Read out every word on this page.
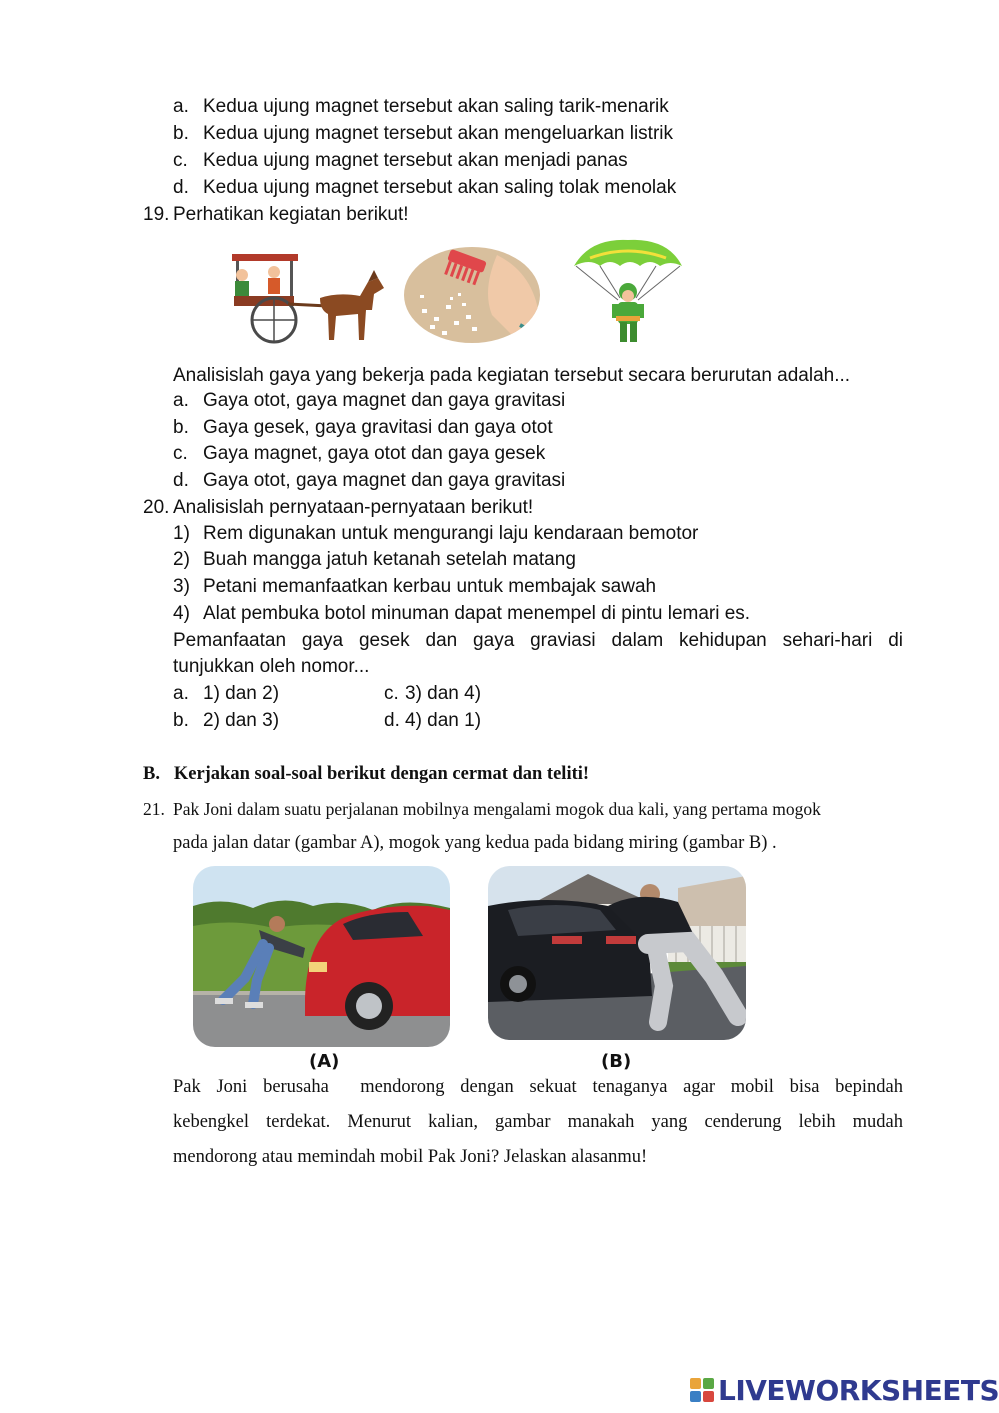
a. Kedua ujung magnet tersebut akan saling tarik-menarik
b. Kedua ujung magnet tersebut akan mengeluarkan listrik
c. Kedua ujung magnet tersebut akan menjadi panas
d. Kedua ujung magnet tersebut akan saling tolak menolak
19. Perhatikan kegiatan berikut!
Analisislah gaya yang bekerja pada kegiatan tersebut secara berurutan adalah...
a. Gaya otot, gaya magnet dan gaya gravitasi
b. Gaya gesek, gaya gravitasi dan gaya otot
c. Gaya magnet, gaya otot dan gaya gesek
d. Gaya otot, gaya magnet dan gaya gravitasi
20. Analisislah pernyataan-pernyataan berikut!
1) Rem digunakan untuk mengurangi laju kendaraan bemotor
2) Buah mangga jatuh ketanah setelah matang
3) Petani memanfaatkan kerbau untuk membajak sawah
4) Alat pembuka botol minuman dapat menempel di pintu lemari es.
Pemanfaatan gaya gesek dan gaya graviasi dalam kehidupan sehari-hari di
tunjukkan oleh nomor...
a. 1) dan 2)	c. 3) dan 4)
b. 2) dan 3)	d. 4) dan 1)
B.   Kerjakan soal-soal berikut dengan cermat dan teliti!
21. Pak Joni dalam suatu perjalanan mobilnya mengalami mogok dua kali, yang pertama mogok
pada jalan datar (gambar A), mogok yang kedua pada bidang miring (gambar B) .
(A)	(B)
Pak Joni berusaha  mendorong dengan sekuat tenaganya agar mobil bisa bepindah
kebengkel terdekat. Menurut kalian, gambar manakah yang cenderung lebih mudah
mendorong atau memindah mobil Pak Joni? Jelaskan alasanmu!
LIVEWORKSHEETS
